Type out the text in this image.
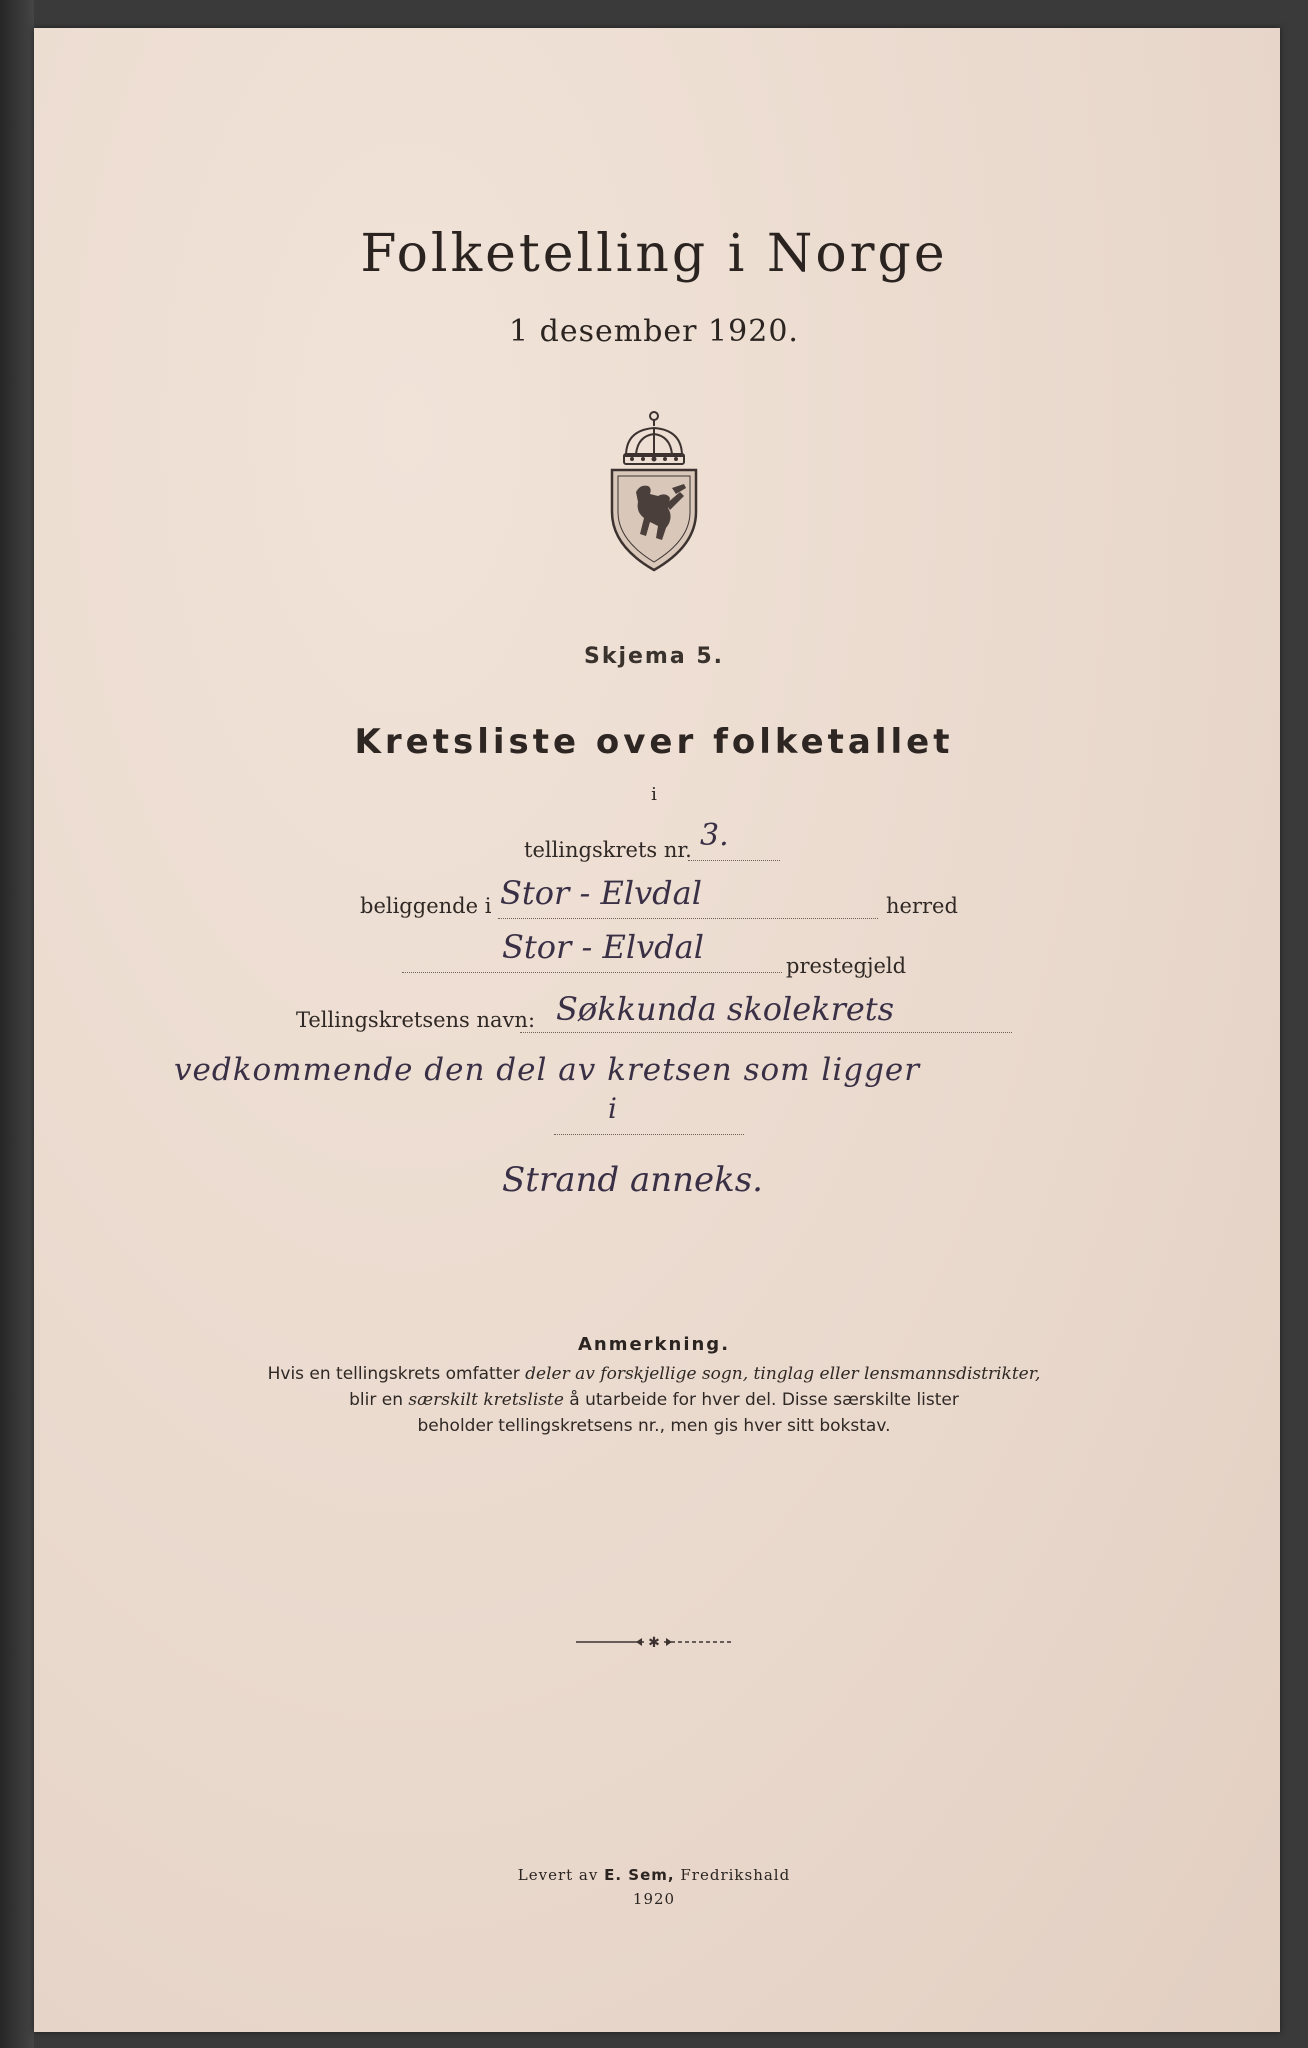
Folketelling i Norge
1 desember 1920.
Skjema 5.
Kretsliste over folketallet
i
tellingskrets nr. 3.
beliggende i Stor - Elvdal	herred
Stor - Elvdal	prestegjeld
Tellingskretsens navn: Søkkunda skolekrets
vedkommende den del av kretsen som ligger
i
Strand anneks.
Anmerkning.
Hvis en tellingskrets omfatter deler av forskjellige sogn, tinglag eller lensmannsdistrikter,
blir en særskilt kretsliste å utarbeide for hver del. Disse særskilte lister
beholder tellingskretsens nr., men gis hver sitt bokstav.
✱
Levert av E. Sem, Fredrikshald
1920
